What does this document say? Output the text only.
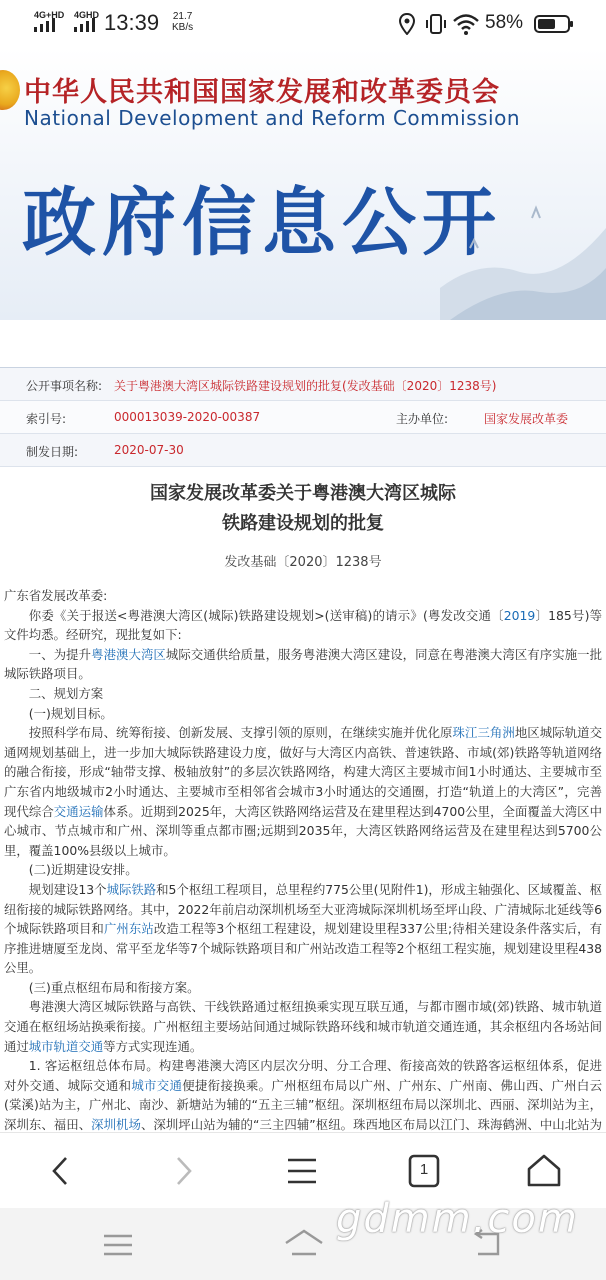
4G+HD 4GHD 13:39 21.7
KB/s	58%
中华人民共和国国家发展和改革委员会
National Development and Reform Commission
政府信息公开
公开事项名称: 关于粤港澳大湾区城际铁路建设规划的批复(发改基础〔2020〕1238号)
索引号:	000013039-2020-00387	主办单位:	国家发展改革委
制发日期:	2020-07-30
国家发展改革委关于粤港澳大湾区城际
铁路建设规划的批复
发改基础〔2020〕1238号

广东省发展改革委:

你委《关于报送<粤港澳大湾区(城际)铁路建设规划>(送审稿)的请示》(粤发改交通〔2019〕185号)等文件均悉。经研究，现批复如下:

一、为提升粤港澳大湾区城际交通供给质量，服务粤港澳大湾区建设，同意在粤港澳大湾区有序实施一批城际铁路项目。

二、规划方案

(一)规划目标。

按照科学布局、统筹衔接、创新发展、支撑引领的原则，在继续实施并优化原珠江三角洲地区城际轨道交通网规划基础上，进一步加大城际铁路建设力度，做好与大湾区内高铁、普速铁路、市域(郊)铁路等轨道网络的融合衔接，形成“轴带支撑、极轴放射”的多层次铁路网络，构建大湾区主要城市间1小时通达、主要城市至广东省内地级城市2小时通达、主要城市至相邻省会城市3小时通达的交通圈，打造“轨道上的大湾区”，完善现代综合交通运输体系。近期到2025年，大湾区铁路网络运营及在建里程达到4700公里，全面覆盖大湾区中心城市、节点城市和广州、深圳等重点都市圈;远期到2035年，大湾区铁路网络运营及在建里程达到5700公里，覆盖100%县级以上城市。

(二)近期建设安排。

规划建设13个城际铁路和5个枢纽工程项目，总里程约775公里(见附件1)，形成主轴强化、区域覆盖、枢纽衔接的城际铁路网络。其中，2022年前启动深圳机场至大亚湾城际深圳机场至坪山段、广清城际北延线等6个城际铁路项目和广州东站改造工程等3个枢纽工程建设，规划建设里程337公里;待相关建设条件落实后，有序推进塘厦至龙岗、常平至龙华等7个城际铁路项目和广州站改造工程等2个枢纽工程实施，规划建设里程438公里。

(三)重点枢纽布局和衔接方案。

粤港澳大湾区城际铁路与高铁、干线铁路通过枢纽换乘实现互联互通，与都市圈市域(郊)铁路、城市轨道交通在枢纽场站换乘衔接。广州枢纽主要场站间通过城际铁路环线和城市轨道交通连通，其余枢纽内各场站间通过城市轨道交通等方式实现连通。

1. 客运枢纽总体布局。构建粤港澳大湾区内层次分明、分工合理、衔接高效的铁路客运枢纽体系，促进对外交通、城际交通和城市交通便捷衔接换乘。广州枢纽布局以广州、广州东、广州南、佛山西、广州白云(棠溪)站为主，广州北、南沙、新塘站为辅的“五主三辅”枢纽。深圳枢纽布局以深圳北、西丽、深圳站为主，深圳东、福田、深圳机场、深圳坪山站为辅的“三主四辅”枢纽。珠西地区布局以江门、珠海鹤洲、中山北站为

1
gdmm.com
